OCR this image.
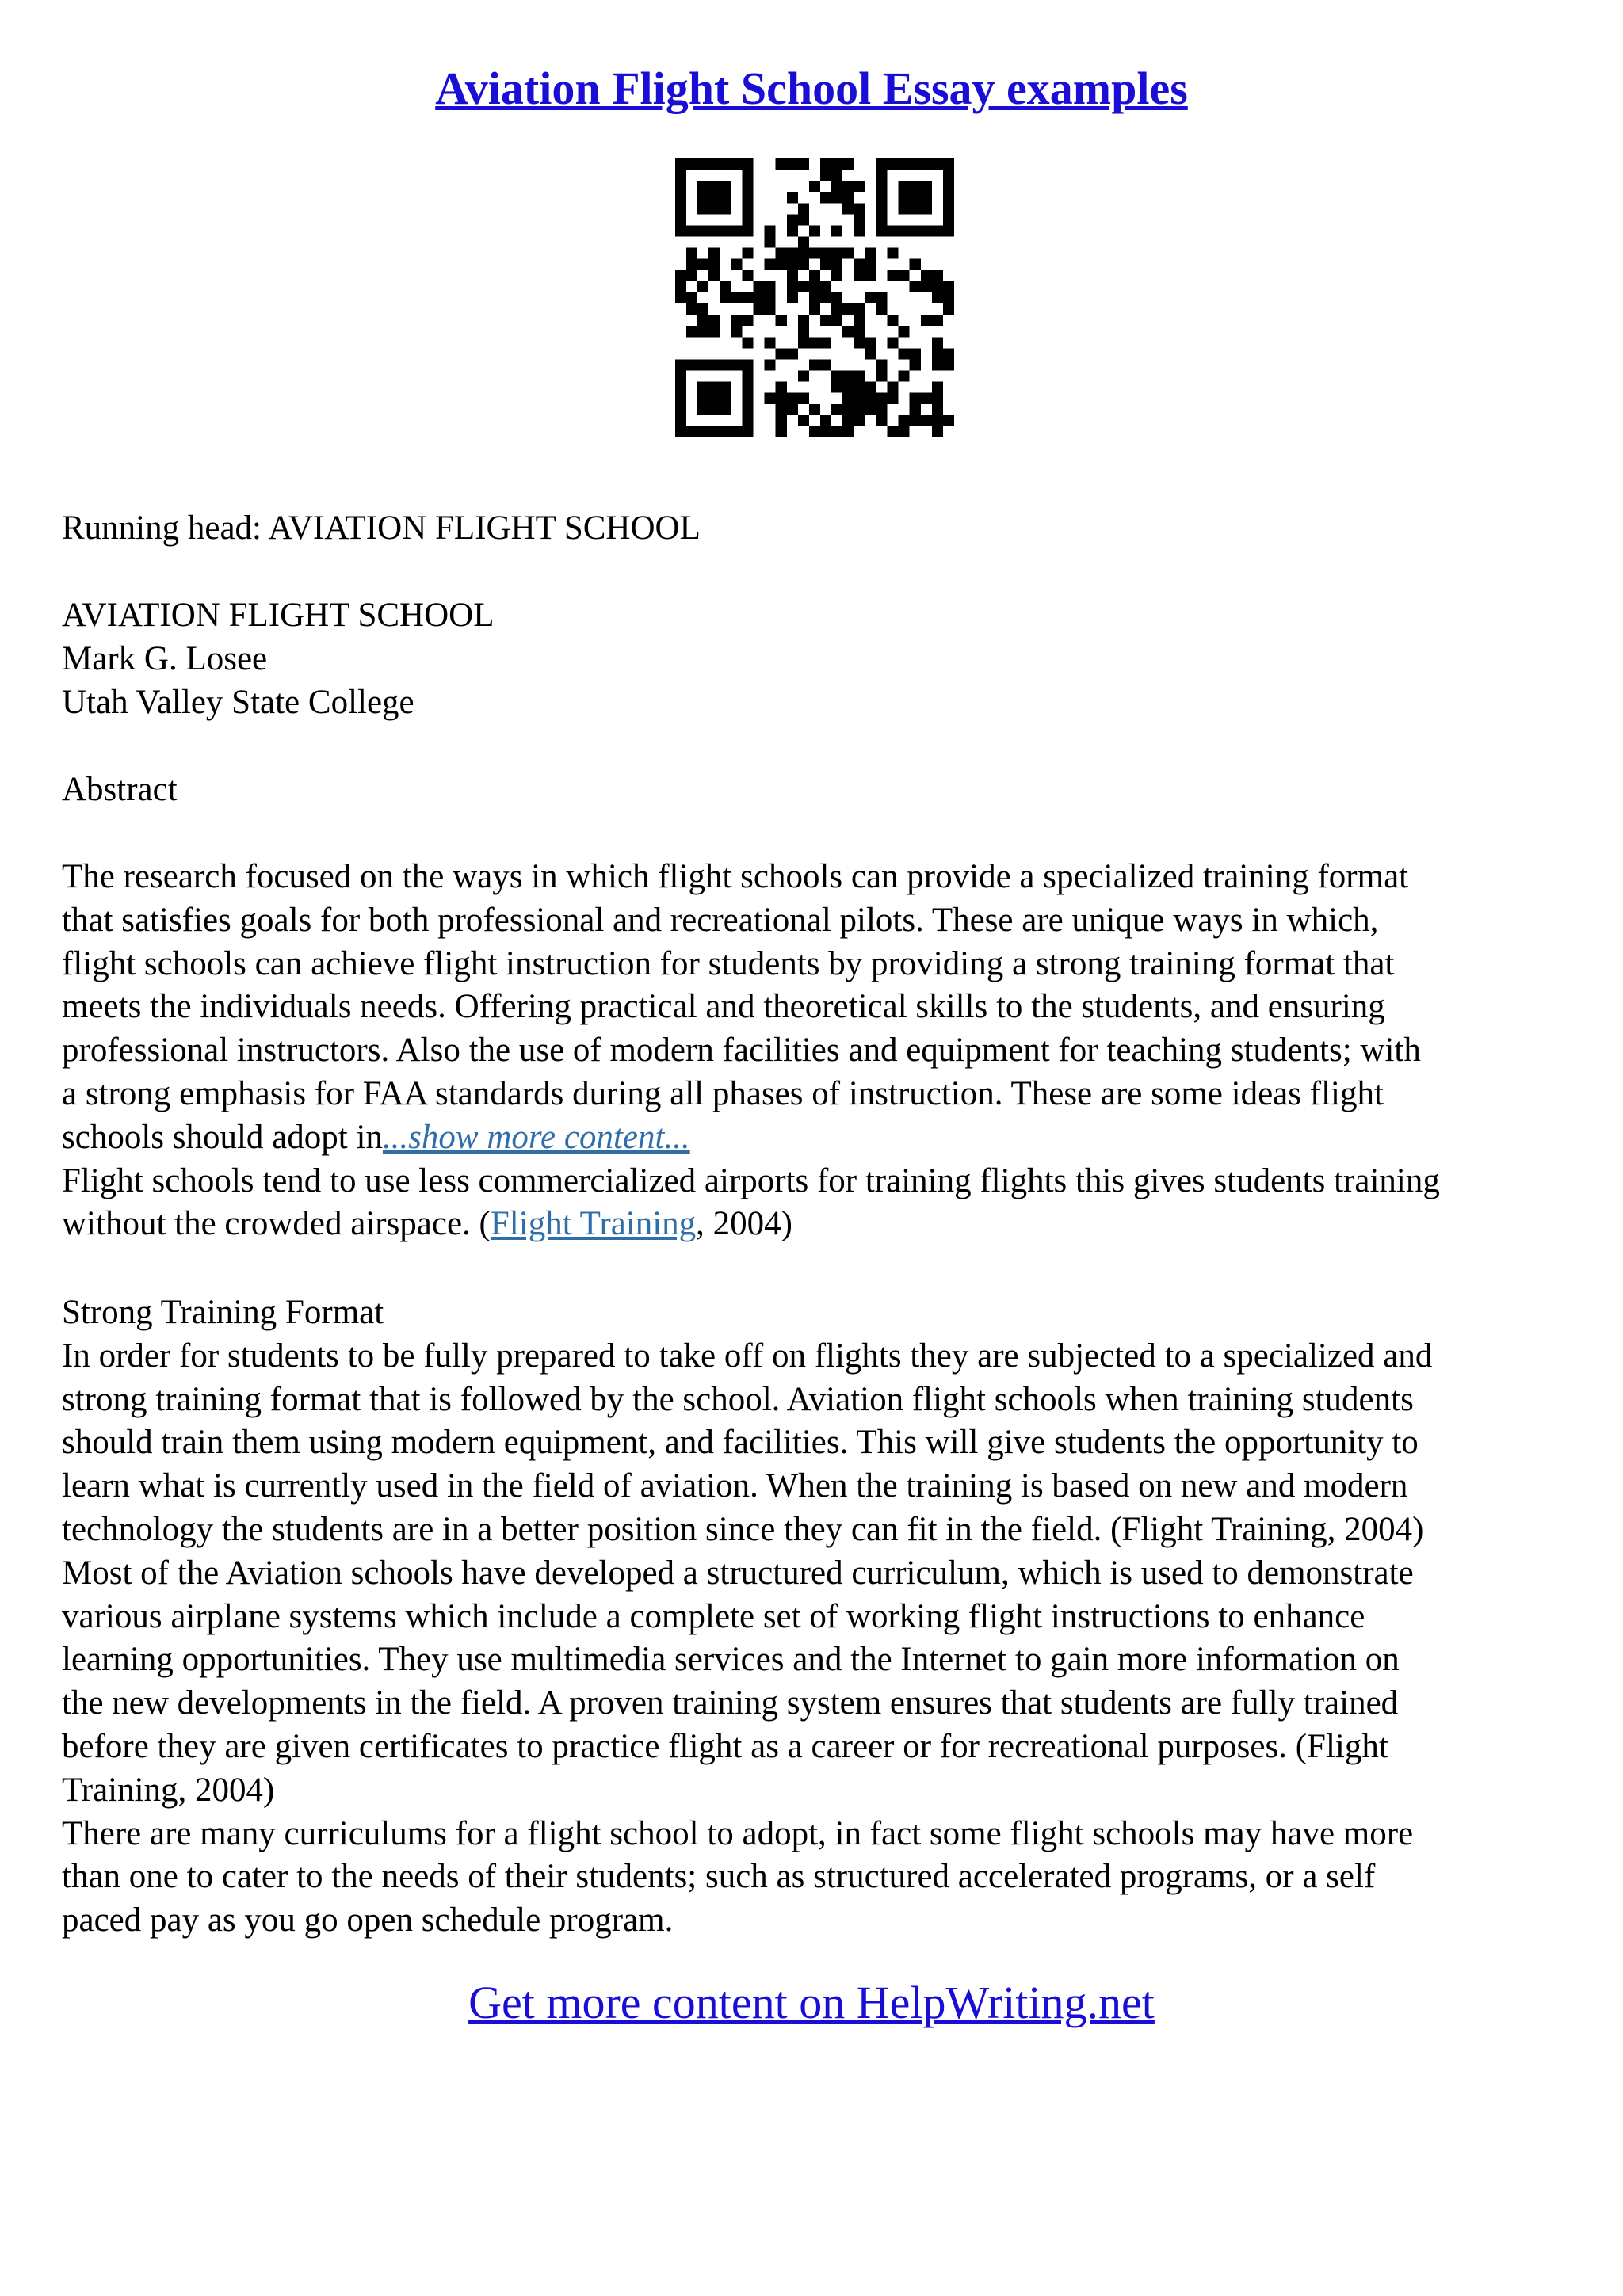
Aviation Flight School Essay examples
Running head: AVIATION FLIGHT SCHOOL
AVIATION FLIGHT SCHOOL
Mark G. Losee
Utah Valley State College
Abstract
The research focused on the ways in which flight schools can provide a specialized training format
that satisfies goals for both professional and recreational pilots. These are unique ways in which,
flight schools can achieve flight instruction for students by providing a strong training format that
meets the individuals needs. Offering practical and theoretical skills to the students, and ensuring
professional instructors. Also the use of modern facilities and equipment for teaching students; with
a strong emphasis for FAA standards during all phases of instruction. These are some ideas flight
schools should adopt in...show more content...
Flight schools tend to use less commercialized airports for training flights this gives students training
without the crowded airspace. (Flight Training, 2004)
Strong Training Format
In order for students to be fully prepared to take off on flights they are subjected to a specialized and
strong training format that is followed by the school. Aviation flight schools when training students
should train them using modern equipment, and facilities. This will give students the opportunity to
learn what is currently used in the field of aviation. When the training is based on new and modern
technology the students are in a better position since they can fit in the field. (Flight Training, 2004)
Most of the Aviation schools have developed a structured curriculum, which is used to demonstrate
various airplane systems which include a complete set of working flight instructions to enhance
learning opportunities. They use multimedia services and the Internet to gain more information on
the new developments in the field. A proven training system ensures that students are fully trained
before they are given certificates to practice flight as a career or for recreational purposes. (Flight
Training, 2004)
There are many curriculums for a flight school to adopt, in fact some flight schools may have more
than one to cater to the needs of their students; such as structured accelerated programs, or a self
paced pay as you go open schedule program.
Get more content on HelpWriting.net
